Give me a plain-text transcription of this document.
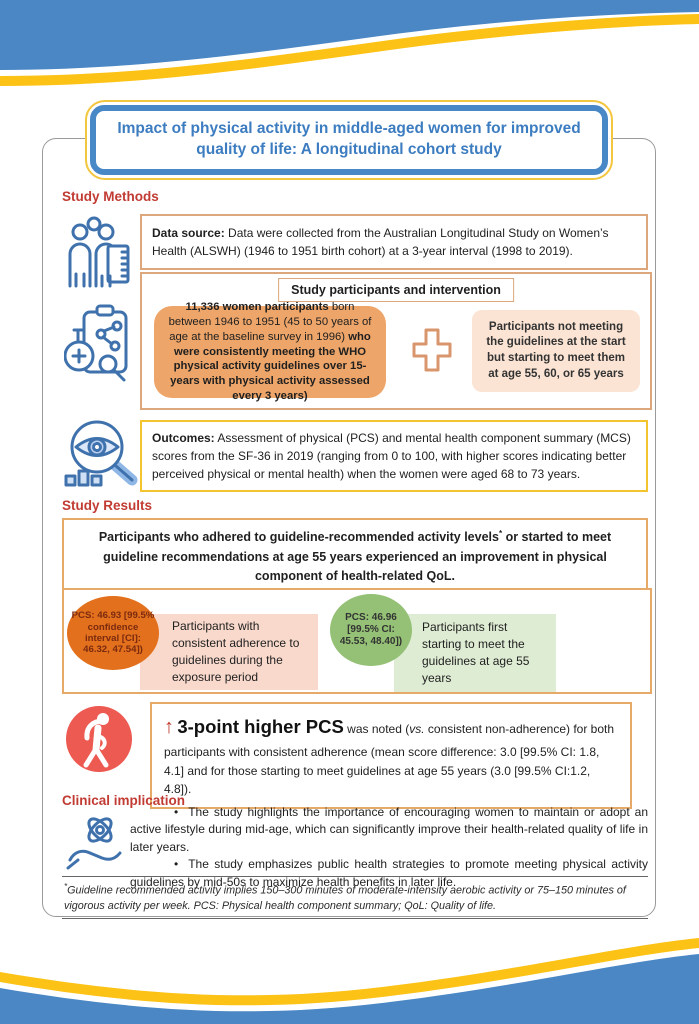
Impact of physical activity in middle-aged women for improved quality of life: A longitudinal cohort study
Study Methods
Data source: Data were collected from the Australian Longitudinal Study on Women’s Health (ALSWH) (1946 to 1951 birth cohort) at a 3-year interval (1998 to 2019).
Study participants and intervention
11,336 women participants born between 1946 to 1951 (45 to 50 years of age at the baseline survey in 1996) who were consistently meeting the WHO physical activity guidelines over 15-years with physical activity assessed every 3 years)
Participants not meeting the guidelines at the start but starting to meet them at age 55, 60, or 65 years
Outcomes: Assessment of physical (PCS) and mental health component summary (MCS) scores from the SF-36 in 2019 (ranging from 0 to 100, with higher scores indicating better perceived physical or mental health) when the women were aged 68 to 73 years.
Study Results
Participants who adhered to guideline-recommended activity levels* or started to meet guideline recommendations at age 55 years experienced an improvement in physical component of health-related QoL.
PCS: 46.93 [99.5% confidence interval [CI]: 46.32, 47.54])
Participants with consistent adherence to guidelines during the exposure period
PCS: 46.96 [99.5% CI: 45.53, 48.40])
Participants first starting to meet the guidelines at age 55 years
↑ 3-point higher PCS was noted (vs. consistent non-adherence) for both participants with consistent adherence (mean score difference: 3.0 [99.5% CI: 1.8, 4.1] and for those starting to meet guidelines at age 55 years (3.0 [99.5% CI:1.2, 4.8]).
Clinical implication

• The study highlights the importance of encouraging women to maintain or adopt an active lifestyle during mid-age, which can significantly improve their health-related quality of life in later years.

• The study emphasizes public health strategies to promote meeting physical activity guidelines by mid-50s to maximize health benefits in later life.

*Guideline recommended activity implies 150–300 minutes of moderate-intensity aerobic activity or 75–150 minutes of vigorous activity per week. PCS: Physical health component summary; QoL: Quality of life.
